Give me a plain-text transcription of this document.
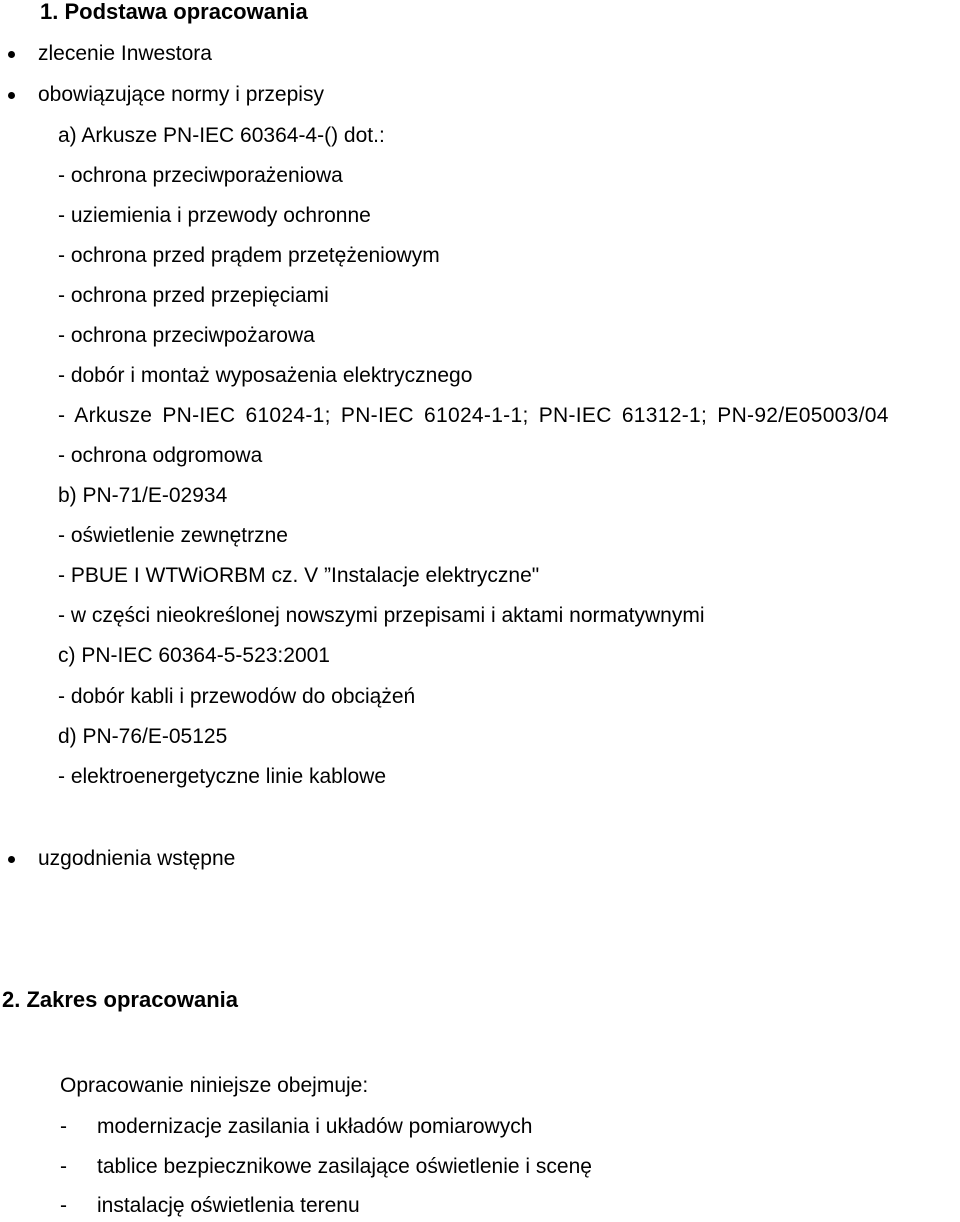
1. Podstawa opracowania
zlecenie Inwestora
obowiązujące normy i przepisy
a) Arkusze PN-IEC 60364-4-() dot.:
- ochrona przeciwporażeniowa
- uziemienia i przewody ochronne
- ochrona przed prądem przetężeniowym
- ochrona przed przepięciami
- ochrona przeciwpożarowa
- dobór i montaż wyposażenia elektrycznego
- Arkusze PN-IEC 61024-1; PN-IEC 61024-1-1; PN-IEC 61312-1; PN-92/E05003/04
- ochrona odgromowa
b) PN-71/E-02934
- oświetlenie zewnętrzne
- PBUE I WTWiORBM cz. V ”Instalacje elektryczne"
- w części nieokreślonej nowszymi przepisami i aktami normatywnymi
c) PN-IEC 60364-5-523:2001
- dobór kabli i przewodów do obciążeń
d) PN-76/E-05125
- elektroenergetyczne linie kablowe
uzgodnienia wstępne
2. Zakres opracowania
Opracowanie niniejsze obejmuje:
- modernizacje zasilania i układów pomiarowych
- tablice bezpiecznikowe zasilające oświetlenie i scenę
- instalację oświetlenia terenu
